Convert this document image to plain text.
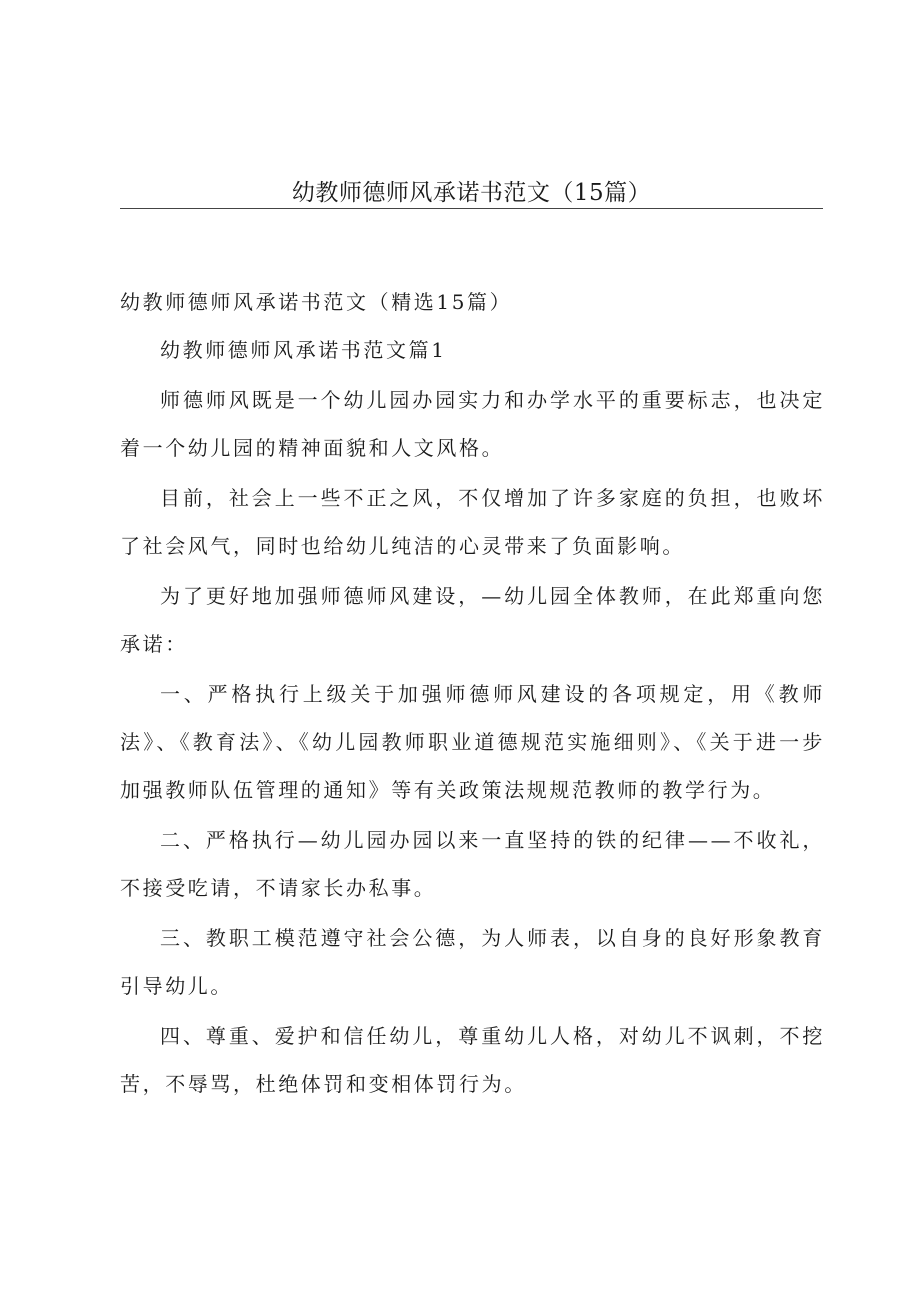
幼教师德师风承诺书范文（15篇）

幼教师德师风承诺书范文（精选15篇）

幼教师德师风承诺书范文篇1

师德师风既是一个幼儿园办园实力和办学水平的重要标志，也决定着一个幼儿园的精神面貌和人文风格。

目前，社会上一些不正之风，不仅增加了许多家庭的负担，也败坏了社会风气，同时也给幼儿纯洁的心灵带来了负面影响。

为了更好地加强师德师风建设，—幼儿园全体教师，在此郑重向您承诺：

一、严格执行上级关于加强师德师风建设的各项规定，用《教师法》、《教育法》、《幼儿园教师职业道德规范实施细则》、《关于进一步加强教师队伍管理的通知》等有关政策法规规范教师的教学行为。

二、严格执行—幼儿园办园以来一直坚持的铁的纪律——不收礼，不接受吃请，不请家长办私事。

三、教职工模范遵守社会公德，为人师表，以自身的良好形象教育引导幼儿。

四、尊重、爱护和信任幼儿，尊重幼儿人格，对幼儿不讽刺，不挖苦，不辱骂，杜绝体罚和变相体罚行为。
